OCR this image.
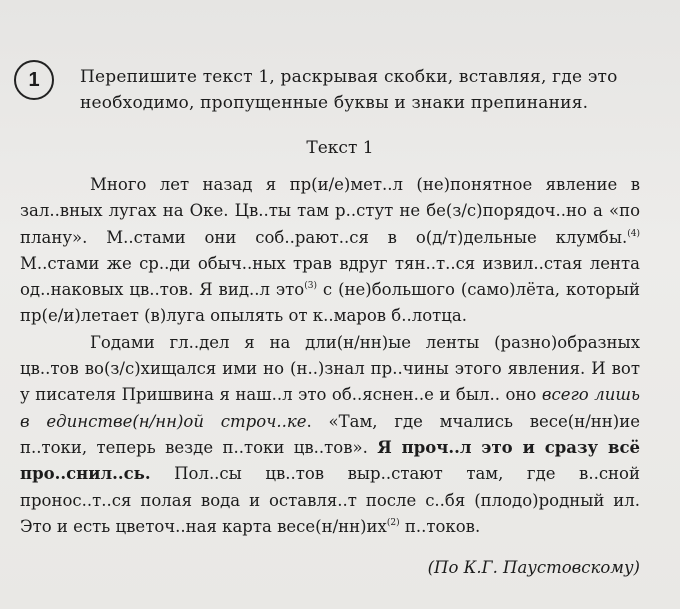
1 Перепишите текст 1, раскрывая скобки, вставляя, где это необходимо, пропущенные буквы и знаки препинания.
Текст 1

Много лет назад я пр(и/е)мет..л (не)понятное явление в зал..вных лугах на Оке. Цв..ты там р..стут не бе(з/с)порядоч..но а «по плану». М..стами они соб..рают..ся в о(д/т)дельные клумбы.$^{(4)}$ М..стами же ср..ди обыч..ных трав вдруг тян..т..ся извил..стая лента од..наковых цв..тов. Я вид..л это$^{(3)}$ с (не)большого (само)лёта, который пр(е/и)летает (в)луга опылять от к..маров б..лотца.

Годами гл..дел я на дли(н/нн)ые ленты (разно)образных цв..тов во(з/с)хищался ими но (н..)знал пр..чины этого явления. И вот у писателя Пришвина я наш..л это об..яснен..е и был.. оно всего лишь в единстве(н/нн)ой строч..ке. «Там, где мчались весе(н/нн)ие п..токи, теперь везде п..токи цв..тов». Я проч..л это и сразу всё про..снил..сь. Пол..сы цв..тов выр..стают там, где в..сной пронос..т..ся полая вода и оставля..т после с..бя (плодо)родный ил. Это и есть цветоч..ная карта $весе(н/нн)их^{(2)}$ п..токов.

(По К.Г. Паустовскому)
